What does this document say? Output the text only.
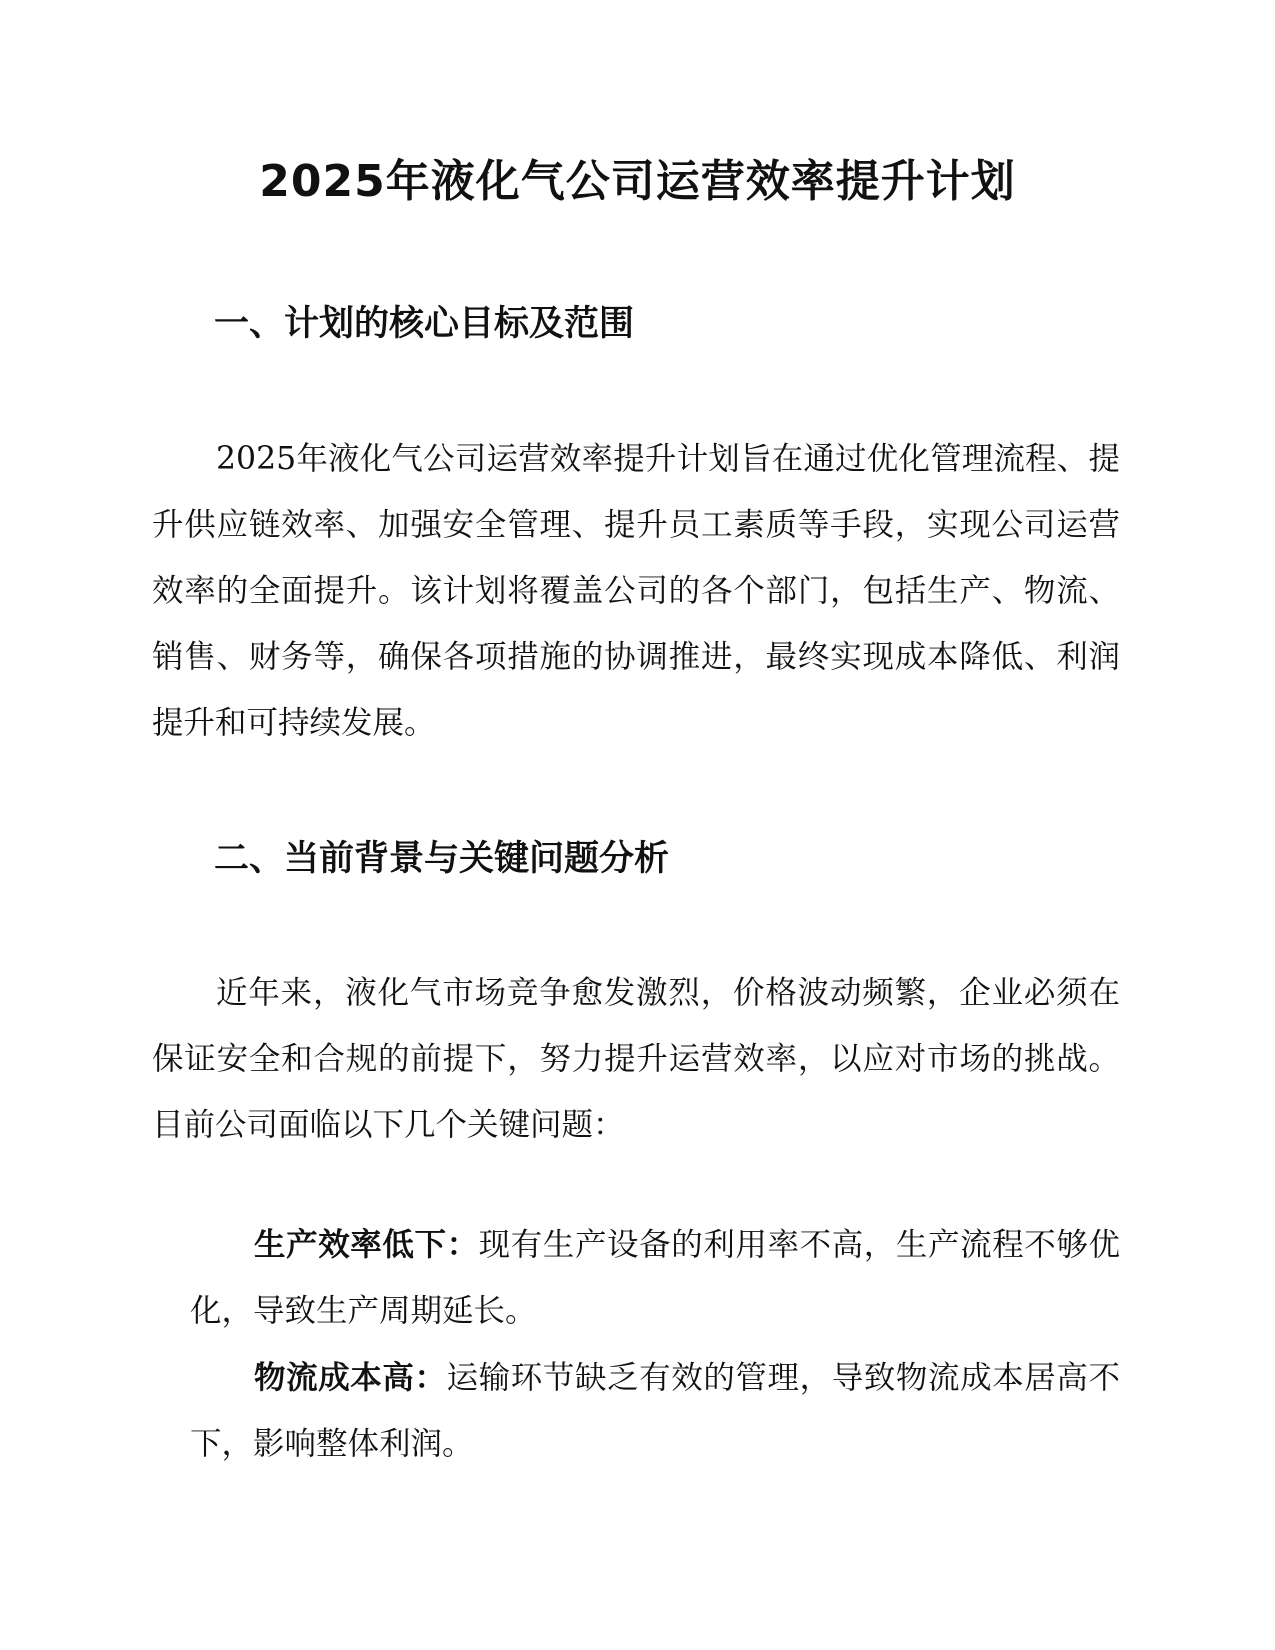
2025年液化气公司运营效率提升计划
一、计划的核心目标及范围

2025年液化气公司运营效率提升计划旨在通过优化管理流程、提升供应链效率、加强安全管理、提升员工素质等手段，实现公司运营效率的全面提升。该计划将覆盖公司的各个部门，包括生产、物流、销售、财务等，确保各项措施的协调推进，最终实现成本降低、利润提升和可持续发展。

二、当前背景与关键问题分析

近年来，液化气市场竞争愈发激烈，价格波动频繁，企业必须在保证安全和合规的前提下，努力提升运营效率，以应对市场的挑战。目前公司面临以下几个关键问题：

生产效率低下：现有生产设备的利用率不高，生产流程不够优化，导致生产周期延长。

物流成本高：运输环节缺乏有效的管理，导致物流成本居高不下，影响整体利润。
